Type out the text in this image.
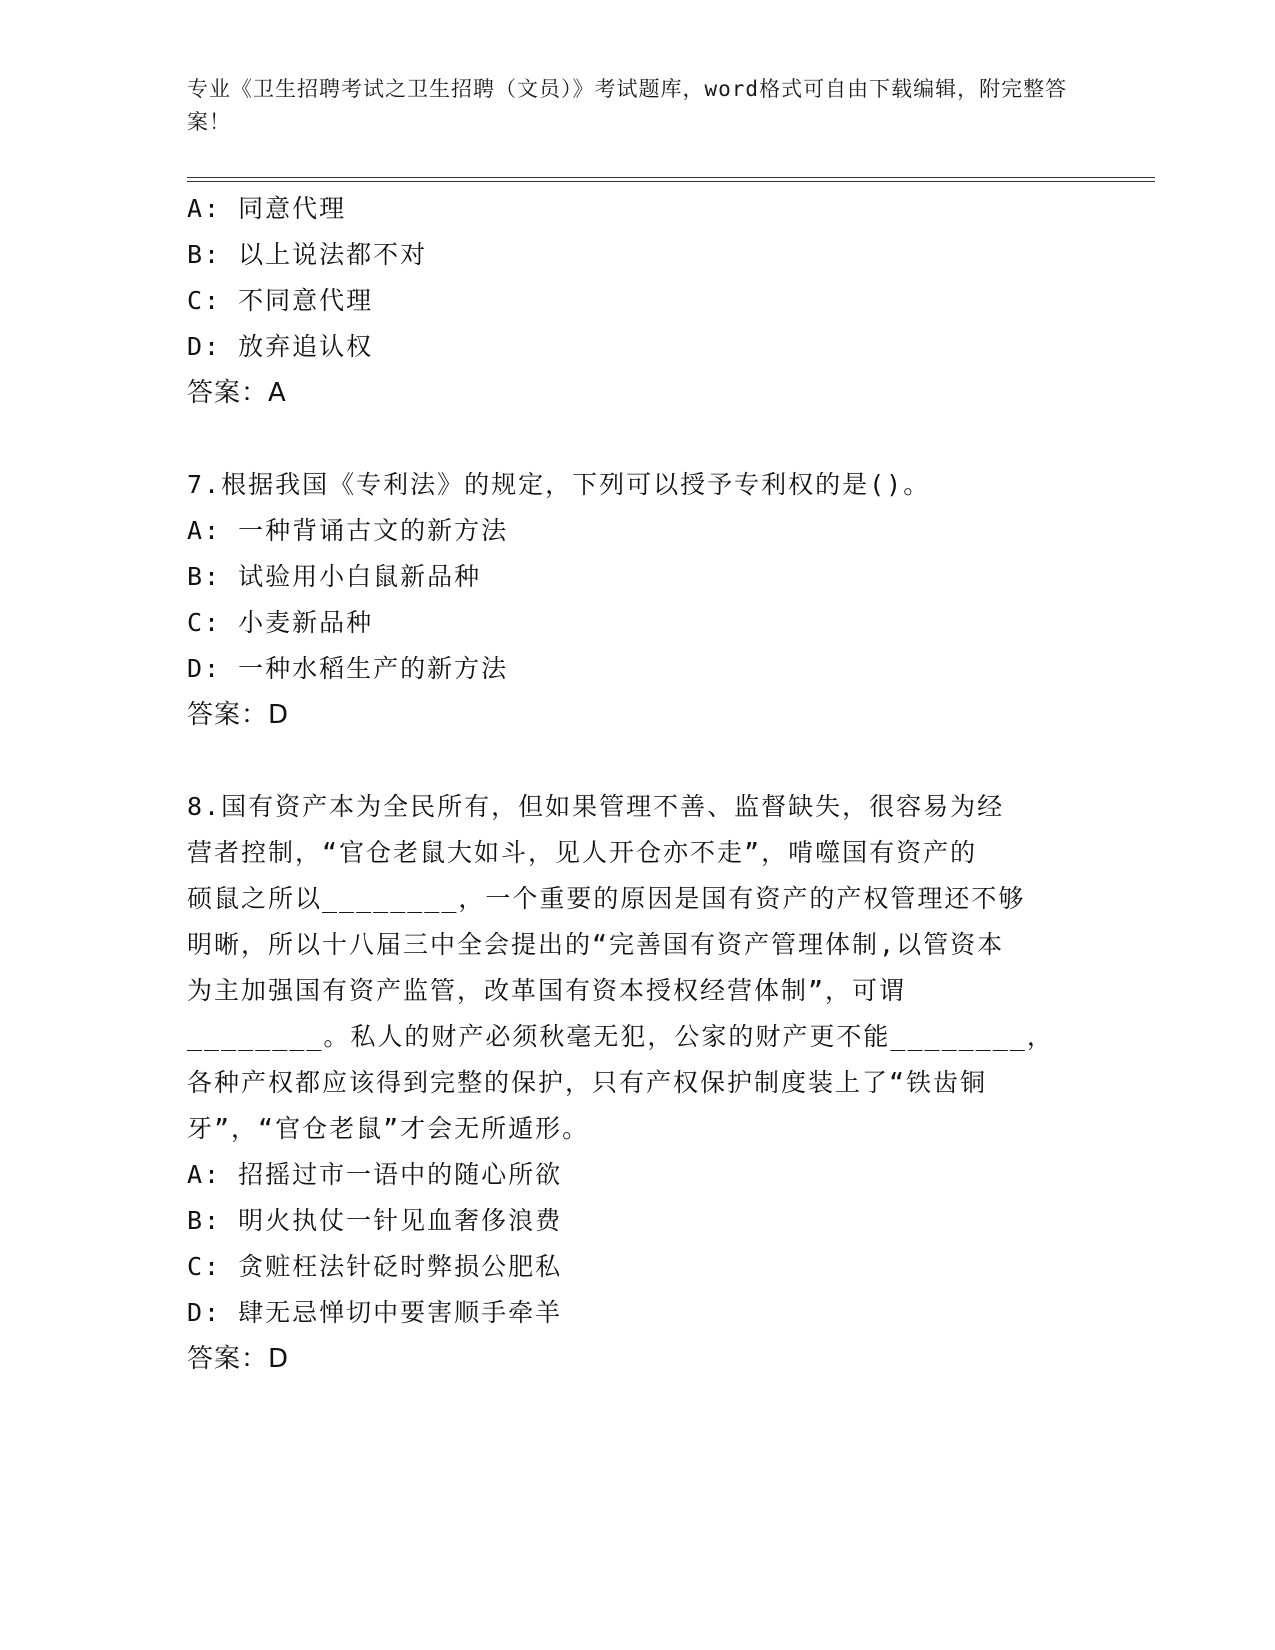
专业《卫生招聘考试之卫生招聘（文员）》考试题库，word格式可自由下载编辑，附完整答案！
A: 同意代理
B: 以上说法都不对
C: 不同意代理
D: 放弃追认权
答案：A
7.根据我国《专利法》的规定，下列可以授予专利权的是()。
A: 一种背诵古文的新方法
B: 试验用小白鼠新品种
C: 小麦新品种
D: 一种水稻生产的新方法
答案：D
8.国有资产本为全民所有，但如果管理不善、监督缺失，很容易为经
营者控制，“官仓老鼠大如斗，见人开仓亦不走”，啃噬国有资产的
硕鼠之所以________，一个重要的原因是国有资产的产权管理还不够
明晰，所以十八届三中全会提出的“完善国有资产管理体制,以管资本
为主加强国有资产监管，改革国有资本授权经营体制”，可谓
________。私人的财产必须秋毫无犯，公家的财产更不能________，
各种产权都应该得到完整的保护，只有产权保护制度装上了“铁齿铜
牙”，“官仓老鼠”才会无所遁形。
A: 招摇过市一语中的随心所欲
B: 明火执仗一针见血奢侈浪费
C: 贪赃枉法针砭时弊损公肥私
D: 肆无忌惮切中要害顺手牵羊
答案：D
